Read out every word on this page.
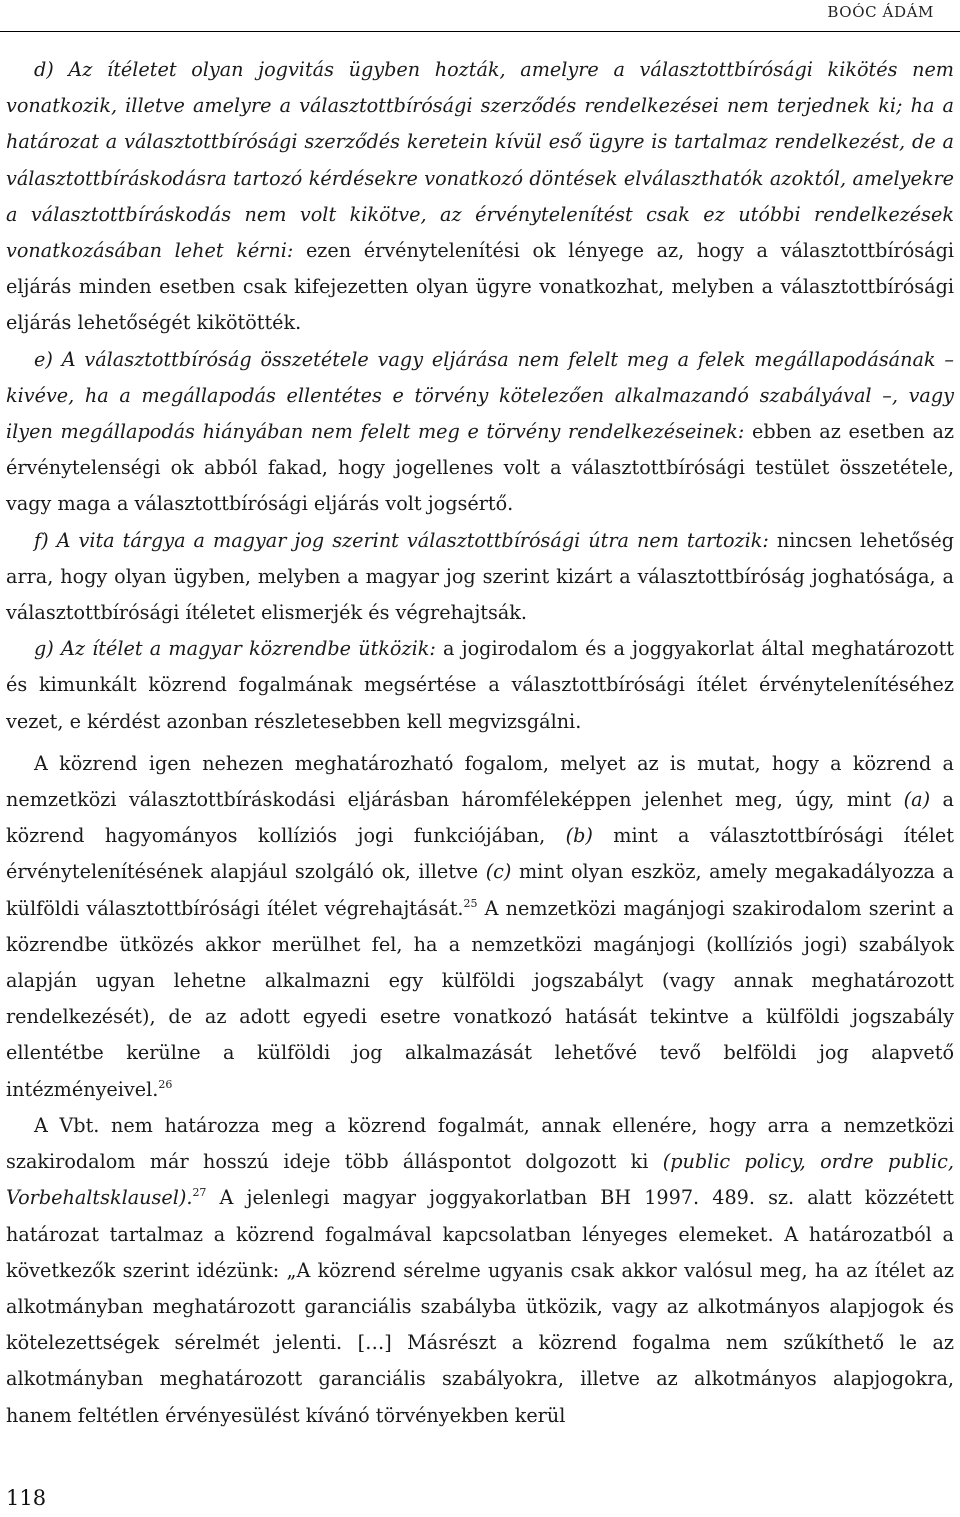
BOÓC ÁDÁM

d) Az ítéletet olyan jogvitás ügyben hozták, amelyre a választottbírósági kikötés nem vonatkozik, illetve amelyre a választottbírósági szerződés rendelkezései nem terjednek ki; ha a határozat a választottbírósági szerződés keretein kívül eső ügyre is tartalmaz rendelkezést, de a választottbíráskodásra tartozó kérdésekre vonatkozó döntések elválaszthatók azoktól, amelyekre a választottbíráskodás nem volt kikötve, az érvénytelenítést csak ez utóbbi rendelkezések vonatkozásában lehet kérni: ezen érvénytelenítési ok lényege az, hogy a választottbírósági eljárás minden esetben csak kifejezetten olyan ügyre vonatkozhat, melyben a választottbírósági eljárás lehetőségét kikötötték.

e) A választottbíróság összetétele vagy eljárása nem felelt meg a felek megállapodásának – kivéve, ha a megállapodás ellentétes e törvény kötelezően alkalmazandó szabályával –, vagy ilyen megállapodás hiányában nem felelt meg e törvény rendelkezéseinek: ebben az esetben az érvénytelenségi ok abból fakad, hogy jogellenes volt a választottbírósági testület összetétele, vagy maga a választottbírósági eljárás volt jogsértő.

f) A vita tárgya a magyar jog szerint választottbírósági útra nem tartozik: nincsen lehetőség arra, hogy olyan ügyben, melyben a magyar jog szerint kizárt a választottbíróság joghatósága, a választottbírósági ítéletet elismerjék és végrehajtsák.

g) Az ítélet a magyar közrendbe ütközik: a jogirodalom és a joggyakorlat által meghatározott és kimunkált közrend fogalmának megsértése a választottbírósági ítélet érvénytelenítéséhez vezet, e kérdést azonban részletesebben kell megvizsgálni.

A közrend igen nehezen meghatározható fogalom, melyet az is mutat, hogy a közrend a nemzetközi választottbíráskodási eljárásban háromféleképpen jelenhet meg, úgy, mint (a) a közrend hagyományos kollíziós jogi funkciójában, (b) mint a választottbírósági ítélet érvénytelenítésének alapjául szolgáló ok, illetve (c) mint olyan eszköz, amely megakadályozza a külföldi választottbírósági ítélet végrehajtását.$^{25}$ A nemzetközi magánjogi szakirodalom szerint a közrendbe ütközés akkor merülhet fel, ha a nemzetközi magánjogi (kollíziós jogi) szabályok alapján ugyan lehetne alkalmazni egy külföldi jogszabályt (vagy annak meghatározott rendelkezését), de az adott egyedi esetre vonatkozó hatását tekintve a külföldi jogszabály ellentétbe kerülne a külföldi jog alkalmazását lehetővé tevő belföldi jog alapvető intézményeivel.$^{26}$

A Vbt. nem határozza meg a közrend fogalmát, annak ellenére, hogy arra a nemzetközi szakirodalom már hosszú ideje több álláspontot dolgozott ki (public policy, ordre public, Vorbehaltsklausel).$^{27}$ A jelenlegi magyar joggyakorlatban BH 1997. 489. sz. alatt közzétett határozat tartalmaz a közrend fogalmával kapcsolatban lényeges elemeket. A határozatból a következők szerint idézünk: „A közrend sérelme ugyanis csak akkor valósul meg, ha az ítélet az alkotmányban meghatározott garanciális szabályba ütközik, vagy az alkotmányos alapjogok és kötelezettségek sérelmét jelenti. […] Másrészt a közrend fogalma nem szűkíthető le az alkotmányban meghatározott garanciális szabályokra, illetve az alkotmányos alapjogokra, hanem feltétlen érvényesülést kívánó törvényekben kerül

118
